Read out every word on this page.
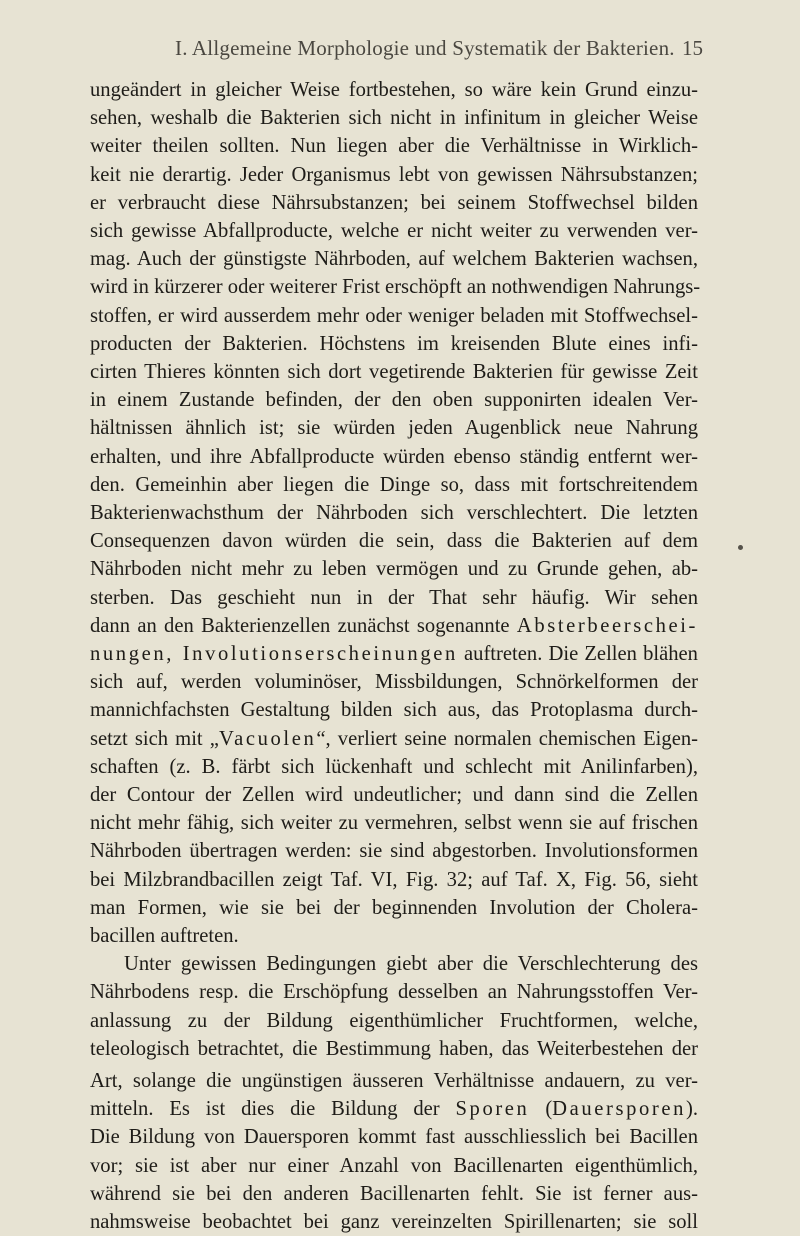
I. Allgemeine Morphologie und Systematik der Bakterien. 15
ungeändert in gleicher Weise fortbestehen, so wäre kein Grund einzu-
sehen, weshalb die Bakterien sich nicht in infinitum in gleicher Weise
weiter theilen sollten. Nun liegen aber die Verhältnisse in Wirklich-
keit nie derartig. Jeder Organismus lebt von gewissen Nährsubstanzen;
er verbraucht diese Nährsubstanzen; bei seinem Stoffwechsel bilden
sich gewisse Abfallproducte, welche er nicht weiter zu verwenden ver-
mag. Auch der günstigste Nährboden, auf welchem Bakterien wachsen,
wird in kürzerer oder weiterer Frist erschöpft an nothwendigen Nahrungs-
stoffen, er wird ausserdem mehr oder weniger beladen mit Stoffwechsel-
producten der Bakterien. Höchstens im kreisenden Blute eines infi-
cirten Thieres könnten sich dort vegetirende Bakterien für gewisse Zeit
in einem Zustande befinden, der den oben supponirten idealen Ver-
hältnissen ähnlich ist; sie würden jeden Augenblick neue Nahrung
erhalten, und ihre Abfallproducte würden ebenso ständig entfernt wer-
den. Gemeinhin aber liegen die Dinge so, dass mit fortschreitendem
Bakterienwachsthum der Nährboden sich verschlechtert. Die letzten
Consequenzen davon würden die sein, dass die Bakterien auf dem
Nährboden nicht mehr zu leben vermögen und zu Grunde gehen, ab-
sterben. Das geschieht nun in der That sehr häufig. Wir sehen
dann an den Bakterienzellen zunächst sogenannte Absterbeerschei-
nungen, Involutionserscheinungen auftreten. Die Zellen blähen
sich auf, werden voluminöser, Missbildungen, Schnörkelformen der
mannichfachsten Gestaltung bilden sich aus, das Protoplasma durch-
setzt sich mit „Vacuolen“, verliert seine normalen chemischen Eigen-
schaften (z. B. färbt sich lückenhaft und schlecht mit Anilinfarben),
der Contour der Zellen wird undeutlicher; und dann sind die Zellen
nicht mehr fähig, sich weiter zu vermehren, selbst wenn sie auf frischen
Nährboden übertragen werden: sie sind abgestorben. Involutionsformen
bei Milzbrandbacillen zeigt Taf. VI, Fig. 32; auf Taf. X, Fig. 56, sieht
man Formen, wie sie bei der beginnenden Involution der Cholera-
bacillen auftreten.
Unter gewissen Bedingungen giebt aber die Verschlechterung des
Nährbodens resp. die Erschöpfung desselben an Nahrungsstoffen Ver-
anlassung zu der Bildung eigenthümlicher Fruchtformen, welche,
teleologisch betrachtet, die Bestimmung haben, das Weiterbestehen der
Art, solange die ungünstigen äusseren Verhältnisse andauern, zu ver-
mitteln. Es ist dies die Bildung der Sporen (Dauersporen).
Die Bildung von Dauersporen kommt fast ausschliesslich bei Bacillen
vor; sie ist aber nur einer Anzahl von Bacillenarten eigenthümlich,
während sie bei den anderen Bacillenarten fehlt. Sie ist ferner aus-
nahmsweise beobachtet bei ganz vereinzelten Spirillenarten; sie soll
